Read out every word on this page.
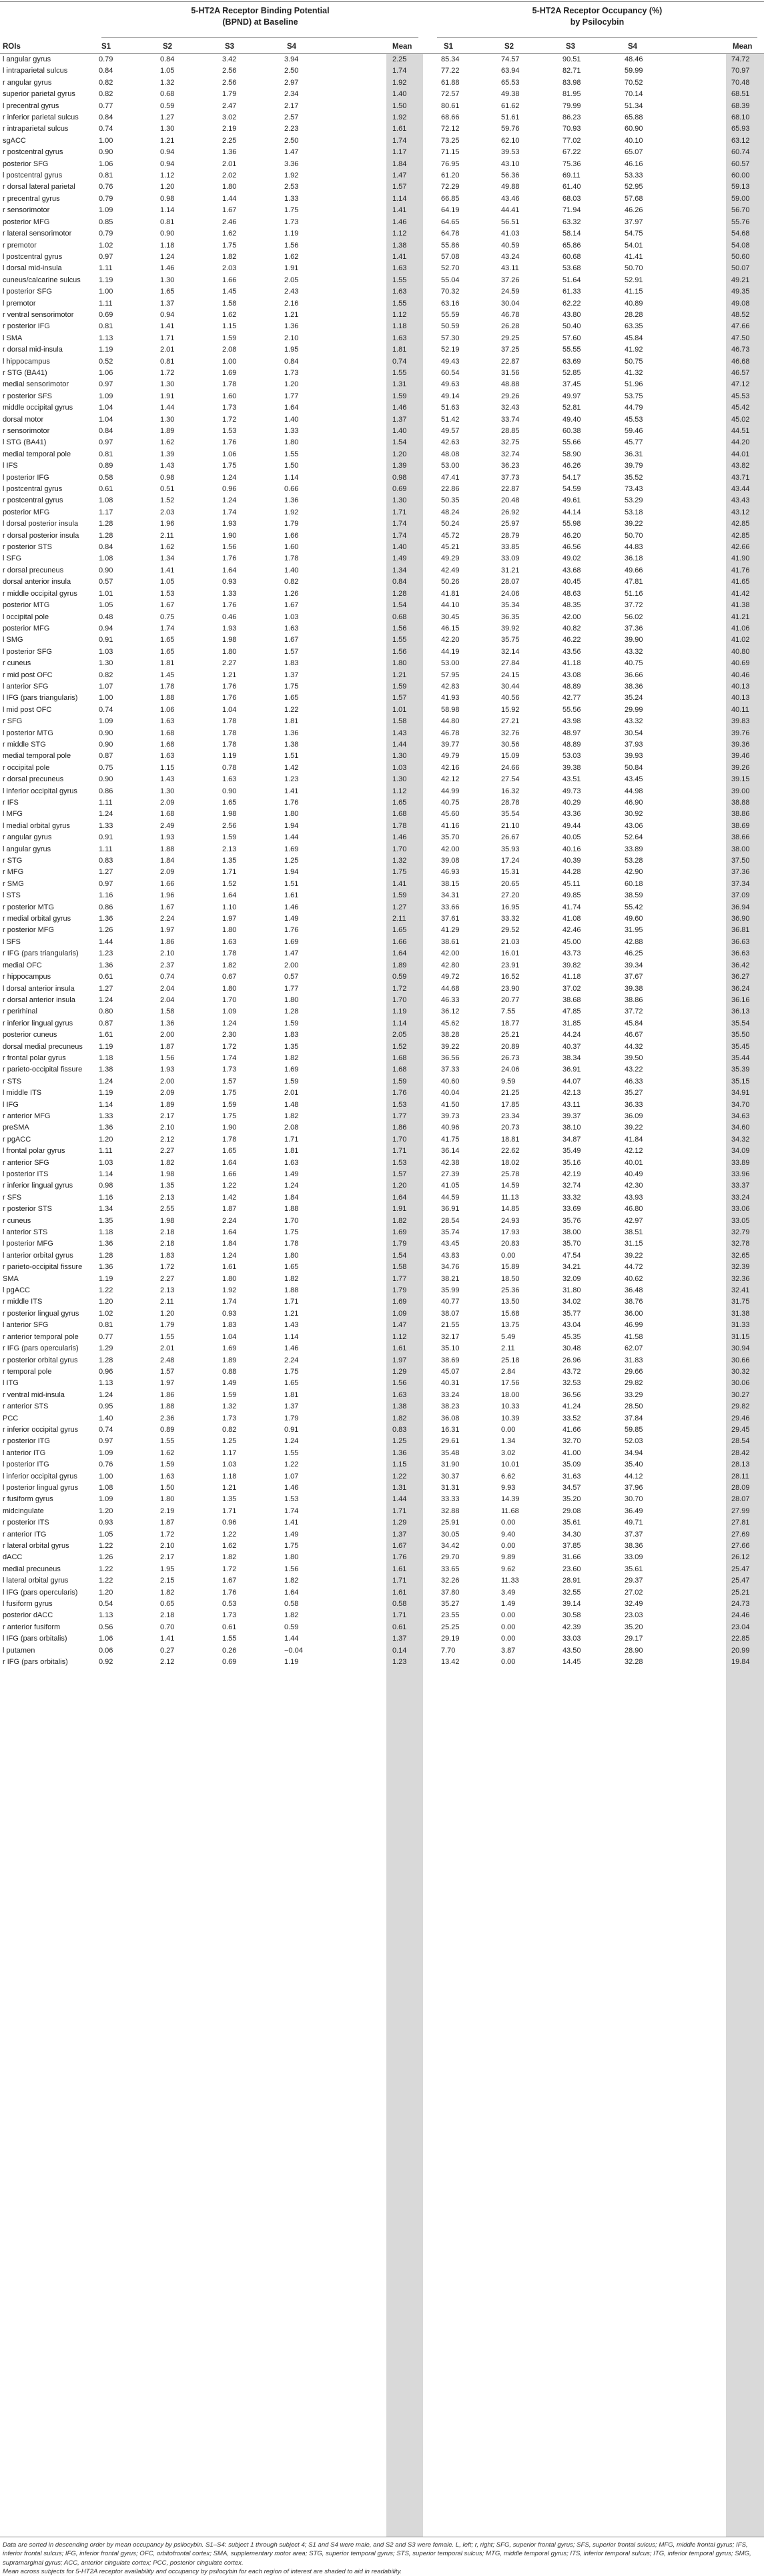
5-HT2A Receptor Binding Potential
(BPND) at Baseline
5-HT2A Receptor Occupancy (%)
by Psilocybin
ROIs	S1	S2	S3	S4	Mean	S1	S2	S3	S4	Mean
l angular gyrus	0.79	0.84	3.42	3.94	2.25	85.34	74.57	90.51	48.46	74.72
l intraparietal sulcus	0.84	1.05	2.56	2.50	1.74	77.22	63.94	82.71	59.99	70.97
r angular gyrus	0.82	1.32	2.56	2.97	1.92	61.88	65.53	83.98	70.52	70.48
superior parietal gyrus	0.82	0.68	1.79	2.34	1.40	72.57	49.38	81.95	70.14	68.51
l precentral gyrus	0.77	0.59	2.47	2.17	1.50	80.61	61.62	79.99	51.34	68.39
r inferior parietal sulcus	0.84	1.27	3.02	2.57	1.92	68.66	51.61	86.23	65.88	68.10
r intraparietal sulcus	0.74	1.30	2.19	2.23	1.61	72.12	59.76	70.93	60.90	65.93
sgACC	1.00	1.21	2.25	2.50	1.74	73.25	62.10	77.02	40.10	63.12
r postcentral gyrus	0.90	0.94	1.36	1.47	1.17	71.15	39.53	67.22	65.07	60.74
posterior SFG	1.06	0.94	2.01	3.36	1.84	76.95	43.10	75.36	46.16	60.57
l postcentral gyrus	0.81	1.12	2.02	1.92	1.47	61.20	56.36	69.11	53.33	60.00
r dorsal lateral parietal	0.76	1.20	1.80	2.53	1.57	72.29	49.88	61.40	52.95	59.13
r precentral gyrus	0.79	0.98	1.44	1.33	1.14	66.85	43.46	68.03	57.68	59.00
r sensorimotor	1.09	1.14	1.67	1.75	1.41	64.19	44.41	71.94	46.26	56.70
posterior MFG	0.85	0.81	2.46	1.73	1.46	64.65	56.51	63.32	37.97	55.76
r lateral sensorimotor	0.79	0.90	1.62	1.19	1.12	64.78	41.03	58.14	54.75	54.68
r premotor	1.02	1.18	1.75	1.56	1.38	55.86	40.59	65.86	54.01	54.08
l postcentral gyrus	0.97	1.24	1.82	1.62	1.41	57.08	43.24	60.68	41.41	50.60
l dorsal mid-insula	1.11	1.46	2.03	1.91	1.63	52.70	43.11	53.68	50.70	50.07
cuneus/calcarine sulcus 1.19	1.30	1.66	2.05	1.55	55.04	37.26	51.64	52.91	49.21
l posterior SFG	1.00	1.65	1.45	2.43	1.63	70.32	24.59	61.33	41.15	49.35
l premotor	1.11	1.37	1.58	2.16	1.55	63.16	30.04	62.22	40.89	49.08
r ventral sensorimotor	0.69	0.94	1.62	1.21	1.12	55.59	46.78	43.80	28.28	48.52
r posterior IFG	0.81	1.41	1.15	1.36	1.18	50.59	26.28	50.40	63.35	47.66
l SMA	1.13	1.71	1.59	2.10	1.63	57.30	29.25	57.60	45.84	47.50
r dorsal mid-insula	1.19	2.01	2.08	1.95	1.81	52.19	37.25	55.55	41.92	46.73
l hippocampus	0.52	0.81	1.00	0.84	0.74	49.43	22.87	63.69	50.75	46.68
r STG (BA41)	1.06	1.72	1.69	1.73	1.55	60.54	31.56	52.85	41.32	46.57
medial sensorimotor	0.97	1.30	1.78	1.20	1.31	49.63	48.88	37.45	51.96	47.12
r posterior SFS	1.09	1.91	1.60	1.77	1.59	49.14	29.26	49.97	53.75	45.53
middle occipital gyrus	1.04	1.44	1.73	1.64	1.46	51.63	32.43	52.81	44.79	45.42
dorsal motor	1.04	1.30	1.72	1.40	1.37	51.42	33.74	49.40	45.53	45.02
r sensorimotor	0.84	1.89	1.53	1.33	1.40	49.57	28.85	60.38	59.46	44.51
l STG (BA41)	0.97	1.62	1.76	1.80	1.54	42.63	32.75	55.66	45.77	44.20
medial temporal pole	0.81	1.39	1.06	1.55	1.20	48.08	32.74	58.90	36.31	44.01
l IFS	0.89	1.43	1.75	1.50	1.39	53.00	36.23	46.26	39.79	43.82
l posterior IFG	0.58	0.98	1.24	1.14	0.98	47.41	37.73	54.17	35.52	43.71
l postcentral gyrus	0.61	0.51	0.96	0.66	0.69	22.86	22.87	54.59	73.43	43.44
r postcentral gyrus	1.08	1.52	1.24	1.36	1.30	50.35	20.48	49.61	53.29	43.43
posterior MFG	1.17	2.03	1.74	1.92	1.71	48.24	26.92	44.14	53.18	43.12
l dorsal posterior insula	1.28	1.96	1.93	1.79	1.74	50.24	25.97	55.98	39.22	42.85
r dorsal posterior insula	1.28	2.11	1.90	1.66	1.74	45.72	28.79	46.20	50.70	42.85
r posterior STS	0.84	1.62	1.56	1.60	1.40	45.21	33.85	46.56	44.83	42.66
l SFG	1.08	1.34	1.76	1.78	1.49	49.29	33.09	49.02	36.18	41.90
r dorsal precuneus	0.90	1.41	1.64	1.40	1.34	42.49	31.21	43.68	49.66	41.76
dorsal anterior insula	0.57	1.05	0.93	0.82	0.84	50.26	28.07	40.45	47.81	41.65
r middle occipital gyrus	1.01	1.53	1.33	1.26	1.28	41.81	24.06	48.63	51.16	41.42
posterior MTG	1.05	1.67	1.76	1.67	1.54	44.10	35.34	48.35	37.72	41.38
l occipital pole	0.48	0.75	0.46	1.03	0.68	30.45	36.35	42.00	56.02	41.21
posterior MFG	0.94	1.74	1.93	1.63	1.56	46.15	39.92	40.82	37.36	41.06
l SMG	0.91	1.65	1.98	1.67	1.55	42.20	35.75	46.22	39.90	41.02
l posterior SFG	1.03	1.65	1.80	1.57	1.56	44.19	32.14	43.56	43.32	40.80
r cuneus	1.30	1.81	2.27	1.83	1.80	53.00	27.84	41.18	40.75	40.69
r mid post OFC	0.82	1.45	1.21	1.37	1.21	57.95	24.15	43.08	36.66	40.46
l anterior SFG	1.07	1.78	1.76	1.75	1.59	42.83	30.44	48.89	38.36	40.13
l IFG (pars triangularis)	1.00	1.88	1.76	1.65	1.57	41.93	40.56	42.77	35.24	40.13
l mid post OFC	0.74	1.06	1.04	1.22	1.01	58.98	15.92	55.56	29.99	40.11
r SFG	1.09	1.63	1.78	1.81	1.58	44.80	27.21	43.98	43.32	39.83
l posterior MTG	0.90	1.68	1.78	1.36	1.43	46.78	32.76	48.97	30.54	39.76
r middle STG	0.90	1.68	1.78	1.38	1.44	39.77	30.56	48.89	37.93	39.36
medial temporal pole	0.87	1.63	1.19	1.51	1.30	49.79	15.09	53.03	39.93	39.46
r occipital pole	0.75	1.15	0.78	1.42	1.03	42.16	24.66	39.38	50.84	39.26
r dorsal precuneus	0.90	1.43	1.63	1.23	1.30	42.12	27.54	43.51	43.45	39.15
l inferior occipital gyrus	0.86	1.30	0.90	1.41	1.12	44.99	16.32	49.73	44.98	39.00
r IFS	1.11	2.09	1.65	1.76	1.65	40.75	28.78	40.29	46.90	38.88
l MFG	1.24	1.68	1.98	1.80	1.68	45.60	35.54	43.36	30.92	38.86
l medial orbital gyrus	1.33	2.49	2.56	1.94	1.78	41.16	21.10	49.44	43.06	38.69
r angular gyrus	0.91	1.93	1.59	1.44	1.46	35.70	26.67	40.05	52.64	38.66
l angular gyrus	1.11	1.88	2.13	1.69	1.70	42.00	35.93	40.16	33.89	38.00
r STG	0.83	1.84	1.35	1.25	1.32	39.08	17.24	40.39	53.28	37.50
r MFG	1.27	2.09	1.71	1.94	1.75	46.93	15.31	44.28	42.90	37.36
r SMG	0.97	1.66	1.52	1.51	1.41	38.15	20.65	45.11	60.18	37.34
l STS	1.16	1.96	1.64	1.61	1.59	34.31	27.20	49.85	38.59	37.09
r posterior MTG	0.86	1.67	1.10	1.46	1.27	33.66	16.95	41.74	55.42	36.94
r medial orbital gyrus	1.36	2.24	1.97	1.49	2.11	37.61	33.32	41.08	49.60	36.90
r posterior MFG	1.26	1.97	1.80	1.76	1.65	41.29	29.52	42.46	31.95	36.81
l SFS	1.44	1.86	1.63	1.69	1.66	38.61	21.03	45.00	42.88	36.63
r IFG (pars triangularis)	1.23	2.10	1.78	1.47	1.64	42.00	16.01	43.73	46.25	36.63
medial OFC	1.36	2.37	1.82	2.00	1.89	42.80	23.91	39.82	39.34	36.42
r hippocampus	0.61	0.74	0.67	0.57	0.59	49.72	16.52	41.18	37.67	36.27
l dorsal anterior insula	1.27	2.04	1.80	1.77	1.72	44.68	23.90	37.02	39.38	36.24
r dorsal anterior insula	1.24	2.04	1.70	1.80	1.70	46.33	20.77	38.68	38.86	36.16
r perirhinal	0.80	1.58	1.09	1.28	1.19	36.12	7.55	47.85	37.72	36.13
r inferior lingual gyrus	0.87	1.36	1.24	1.59	1.14	45.62	18.77	31.85	45.84	35.54
posterior cuneus	1.61	2.00	2.30	1.83	2.05	38.28	25.21	44.24	46.67	35.50
dorsal medial precuneus 1.19	1.87	1.72	1.35	1.52	39.22	20.89	40.37	44.32	35.45
r frontal polar gyrus	1.18	1.56	1.74	1.82	1.68	36.56	26.73	38.34	39.50	35.44
r parieto-occipital fissure 1.38	1.93	1.73	1.69	1.68	37.33	24.06	36.91	43.22	35.39
r STS	1.24	2.00	1.57	1.59	1.59	40.60	9.59	44.07	46.33	35.15
l middle ITS	1.19	2.09	1.75	2.01	1.76	40.04	21.25	42.13	35.27	34.91
l IFG	1.14	1.89	1.59	1.48	1.53	41.50	17.85	43.11	36.33	34.70
r anterior MFG	1.33	2.17	1.75	1.82	1.77	39.73	23.34	39.37	36.09	34.63
preSMA	1.36	2.10	1.90	2.08	1.86	40.96	20.73	38.10	39.22	34.60
r pgACC	1.20	2.12	1.78	1.71	1.70	41.75	18.81	34.87	41.84	34.32
l frontal polar gyrus	1.11	2.27	1.65	1.81	1.71	36.14	22.62	35.49	42.12	34.09
r anterior SFG	1.03	1.82	1.64	1.63	1.53	42.38	18.02	35.16	40.01	33.89
l posterior ITS	1.14	1.98	1.66	1.49	1.57	27.39	25.78	42.19	40.49	33.96
r inferior lingual gyrus	0.98	1.35	1.22	1.24	1.20	41.05	14.59	32.74	42.30	33.37
r SFS	1.16	2.13	1.42	1.84	1.64	44.59	11.13	33.32	43.93	33.24
r posterior STS	1.34	2.55	1.87	1.88	1.91	36.91	14.85	33.69	46.80	33.06
r cuneus	1.35	1.98	2.24	1.70	1.82	28.54	24.93	35.76	42.97	33.05
l anterior STS	1.18	2.18	1.64	1.75	1.69	35.74	17.93	38.00	38.51	32.79
l posterior MFG	1.36	2.18	1.84	1.78	1.79	43.45	20.83	35.70	31.15	32.78
l anterior orbital gyrus	1.28	1.83	1.24	1.80	1.54	43.83	0.00	47.54	39.22	32.65
r parieto-occipital fissure 1.36	1.72	1.61	1.65	1.58	34.76	15.89	34.21	44.72	32.39
SMA	1.19	2.27	1.80	1.82	1.77	38.21	18.50	32.09	40.62	32.36
l pgACC	1.22	2.13	1.92	1.88	1.79	35.99	25.36	31.80	36.48	32.41
r middle ITS	1.20	2.11	1.74	1.71	1.69	40.77	13.50	34.02	38.76	31.75
r posterior lingual gyrus	1.02	1.20	0.93	1.21	1.09	38.07	15.68	35.77	36.00	31.38
l anterior SFG	0.81	1.79	1.83	1.43	1.47	21.55	13.75	43.04	46.99	31.33
r anterior temporal pole	0.77	1.55	1.04	1.14	1.12	32.17	5.49	45.35	41.58	31.15
r IFG (pars opercularis)	1.29	2.01	1.69	1.46	1.61	35.10	2.11	30.48	62.07	30.94
r posterior orbital gyrus	1.28	2.48	1.89	2.24	1.97	38.69	25.18	26.96	31.83	30.66
r temporal pole	0.96	1.57	0.88	1.75	1.29	45.07	2.84	43.72	29.66	30.32
l ITG	1.13	1.97	1.49	1.65	1.56	40.31	17.56	32.53	29.82	30.06
r ventral mid-insula	1.24	1.86	1.59	1.81	1.63	33.24	18.00	36.56	33.29	30.27
r anterior STS	0.95	1.88	1.32	1.37	1.38	38.23	10.33	41.24	28.50	29.82
PCC	1.40	2.36	1.73	1.79	1.82	36.08	10.39	33.52	37.84	29.46
r inferior occipital gyrus	0.74	0.89	0.82	0.91	0.83	16.31	0.00	41.66	59.85	29.45
r posterior ITG	0.97	1.55	1.25	1.24	1.25	29.61	1.34	32.70	52.03	28.54
l anterior ITG	1.09	1.62	1.17	1.55	1.36	35.48	3.02	41.00	34.94	28.42
l posterior ITG	0.76	1.59	1.03	1.22	1.15	31.90	10.01	35.09	35.40	28.13
l inferior occipital gyrus	1.00	1.63	1.18	1.07	1.22	30.37	6.62	31.63	44.12	28.11
l posterior lingual gyrus	1.08	1.50	1.21	1.46	1.31	31.31	9.93	34.57	37.96	28.09
r fusiform gyrus	1.09	1.80	1.35	1.53	1.44	33.33	14.39	35.20	30.70	28.07
midcingulate	1.20	2.19	1.71	1.74	1.71	32.88	11.68	29.08	36.49	27.99
r posterior ITS	0.93	1.87	0.96	1.41	1.29	25.91	0.00	35.61	49.71	27.81
r anterior ITG	1.05	1.72	1.22	1.49	1.37	30.05	9.40	34.30	37.37	27.69
r lateral orbital gyrus	1.22	2.10	1.62	1.75	1.67	34.42	0.00	37.85	38.36	27.66
dACC	1.26	2.17	1.82	1.80	1.76	29.70	9.89	31.66	33.09	26.12
medial precuneus	1.22	1.95	1.72	1.56	1.61	33.65	9.62	23.60	35.61	25.47
l lateral orbital gyrus	1.22	2.15	1.67	1.82	1.71	32.26	11.33	28.91	29.37	25.47
l IFG (pars opercularis)	1.20	1.82	1.76	1.64	1.61	37.80	3.49	32.55	27.02	25.21
l fusiform gyrus	0.54	0.65	0.53	0.58	0.58	35.27	1.49	39.14	32.49	24.73
posterior dACC	1.13	2.18	1.73	1.82	1.71	23.55	0.00	30.58	23.03	24.46
r anterior fusiform	0.56	0.70	0.61	0.59	0.61	25.25	0.00	42.39	35.20	23.04
l IFG (pars orbitalis)	1.06	1.41	1.55	1.44	1.37	29.19	0.00	33.03	29.17	22.85
l putamen	0.06	0.27	0.26	−0.04	0.14	7.70	3.87	43.50	28.90	20.99
r IFG (pars orbitalis)	0.92	2.12	0.69	1.19	1.23	13.42	0.00	14.45	32.28	19.84
Data are sorted in descending order by mean occupancy by psilocybin. S1–S4: subject 1 through subject 4; S1 and S4 were male, and S2 and S3 were female. L, left; r, right; SFG, superior frontal gyrus; SFS, superior frontal sulcus; MFG, middle frontal gyrus; IFS, inferior frontal sulcus; IFG, inferior frontal gyrus; OFC, orbitofrontal cortex; SMA, supplementary motor area; STG, superior temporal gyrus; STS, superior temporal sulcus; MTG, middle temporal gyrus; ITS, inferior temporal sulcus; ITG, inferior temporal gyrus; SMG, supramarginal gyrus; ACC, anterior cingulate cortex; PCC, posterior cingulate cortex.
Mean across subjects for 5-HT2A receptor availability and occupancy by psilocybin for each region of interest are shaded to aid in readability.
